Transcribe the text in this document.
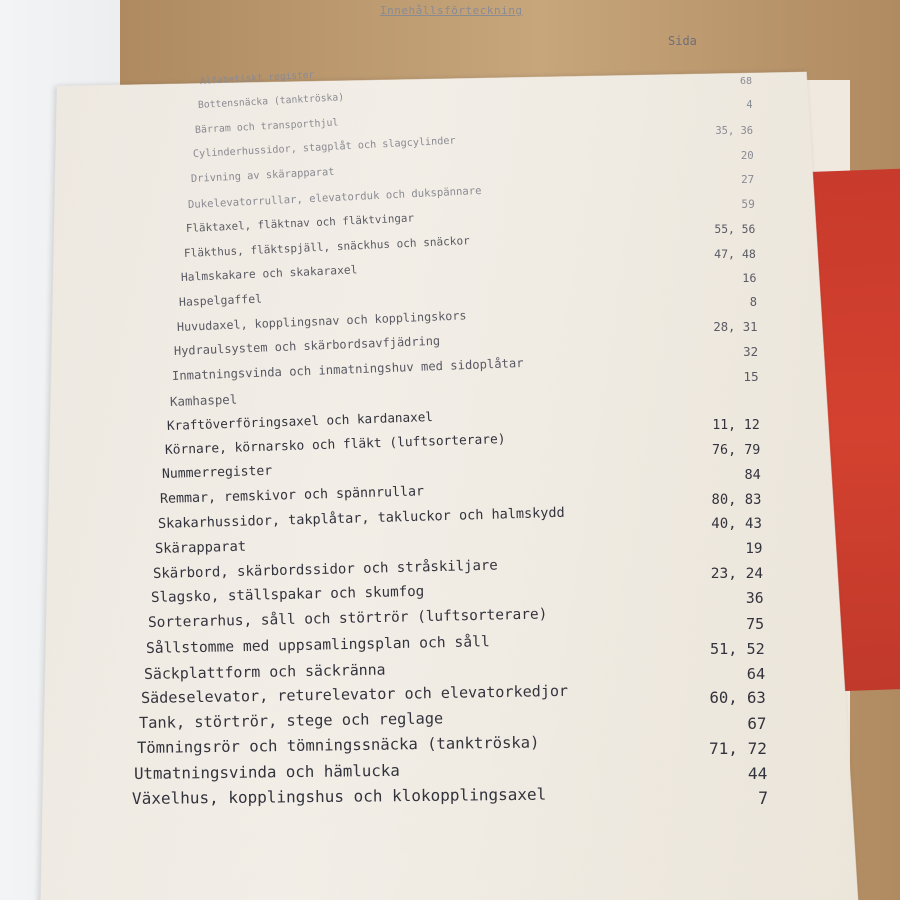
Innehållsförteckning
Sida
Alfabetiskt register	68
Bottensnäcka (tanktröska)	4
Bärram och transporthjul	35, 36
Cylinderhussidor, stagplåt och slagcylinder	20
Drivning av skärapparat	27
Dukelevatorrullar, elevatorduk och dukspännare	59
Fläktaxel, fläktnav och fläktvingar	55, 56
Fläkthus, fläktspjäll, snäckhus och snäckor	47, 48
Halmskakare och skakaraxel	16
Haspelgaffel	8
Huvudaxel, kopplingsnav och kopplingskors	28, 31
Hydraulsystem och skärbordsavfjädring	32
Inmatningsvinda och inmatningshuv med sidoplåtar	15
Kamhaspel
Kraftöverföringsaxel och kardanaxel	11, 12
Körnare, körnarsko och fläkt (luftsorterare)	76, 79
Nummerregister	84
Remmar, remskivor och spännrullar	80, 83
Skakarhussidor, takplåtar, takluckor och halmskydd	40, 43
Skärapparat	19
Skärbord, skärbordssidor och stråskiljare	23, 24
Slagsko, ställspakar och skumfog	36
Sorterarhus, såll och störtrör (luftsorterare)	75
Sållstomme med uppsamlingsplan och såll	51, 52
Säckplattform och säckränna	64
Sädeselevator, returelevator och elevatorkedjor	60, 63
Tank, störtrör, stege och reglage	67
Tömningsrör och tömningssnäcka (tanktröska)	71, 72
Utmatningsvinda och hämlucka	44
Växelhus, kopplingshus och klokopplingsaxel	7
